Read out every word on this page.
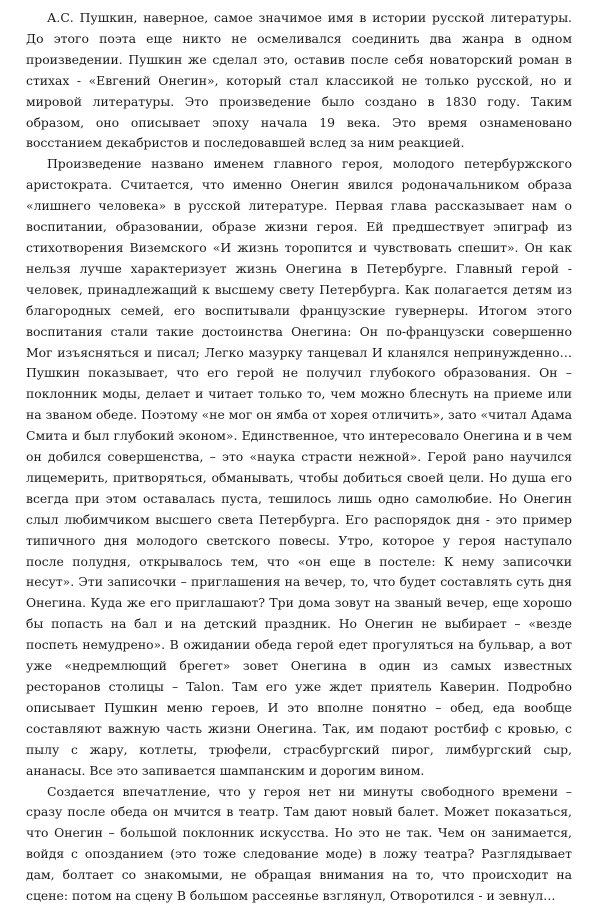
А.С. Пушкин, наверное, самое значимое имя в истории русской литературы. До этого поэта еще никто не осмеливался соединить два жанра в одном произведении. Пушкин же сделал это, оставив после себя новаторский роман в стихах - «Евгений Онегин», который стал классикой не только русской, но и мировой литературы. Это произведение было создано в 1830 году. Таким образом, оно описывает эпоху начала 19 века. Это время ознаменовано восстанием декабристов и последовавшей вслед за ним реакцией.

Произведение названо именем главного героя, молодого петербуржского аристократа. Считается, что именно Онегин явился родоначальником образа «лишнего человека» в русской литературе. Первая глава рассказывает нам о воспитании, образовании, образе жизни героя. Ей предшествует эпиграф из стихотворения Виземского «И жизнь торопится и чувствовать спешит». Он как нельзя лучше характеризует жизнь Онегина в Петербурге. Главный герой - человек, принадлежащий к высшему свету Петербурга. Как полагается детям из благородных семей, его воспитывали французские гувернеры. Итогом этого воспитания стали такие достоинства Онегина: Он по-французски совершенно Мог изъясняться и писал; Легко мазурку танцевал И кланялся непринужденно… Пушкин показывает, что его герой не получил глубокого образования. Он – поклонник моды, делает и читает только то, чем можно блеснуть на приеме или на званом обеде. Поэтому «не мог он ямба от хорея отличить», зато «читал Адама Смита и был глубокий эконом». Единственное, что интересовало Онегина и в чем он добился совершенства, – это «наука страсти нежной». Герой рано научился лицемерить, притворяться, обманывать, чтобы добиться своей цели. Но душа его всегда при этом оставалась пуста, тешилось лишь одно самолюбие. Но Онегин слыл любимчиком высшего света Петербурга. Его распорядок дня - это пример типичного дня молодого светского повесы. Утро, которое у героя наступало после полудня, открывалось тем, что «он еще в постеле: К нему записочки несут». Эти записочки – приглашения на вечер, то, что будет составлять суть дня Онегина. Куда же его приглашают? Три дома зовут на званый вечер, еще хорошо бы попасть на бал и на детский праздник. Но Онегин не выбирает – «везде поспеть немудрено». В ожидании обеда герой едет прогуляться на бульвар, а вот уже «недремлющий брегет» зовет Онегина в один из самых известных ресторанов столицы – Talon. Там его уже ждет приятель Каверин. Подробно описывает Пушкин меню героев, И это вполне понятно – обед, еда вообще составляют важную часть жизни Онегина. Так, им подают ростбиф с кровью, с пылу с жару, котлеты, трюфели, страсбургский пирог, лимбургский сыр, ананасы. Все это запивается шампанским и дорогим вином.

Создается впечатление, что у героя нет ни минуты свободного времени – сразу после обеда он мчится в театр. Там дают новый балет. Может показаться, что Онегин – большой поклонник искусства. Но это не так. Чем он занимается, войдя с опозданием (это тоже следование моде) в ложу театра? Разглядывает дам, болтает со знакомыми, не обращая внимания на то, что происходит на сцене: потом на сцену В большом рассеянье взглянул, Отворотился - и зевнул…
